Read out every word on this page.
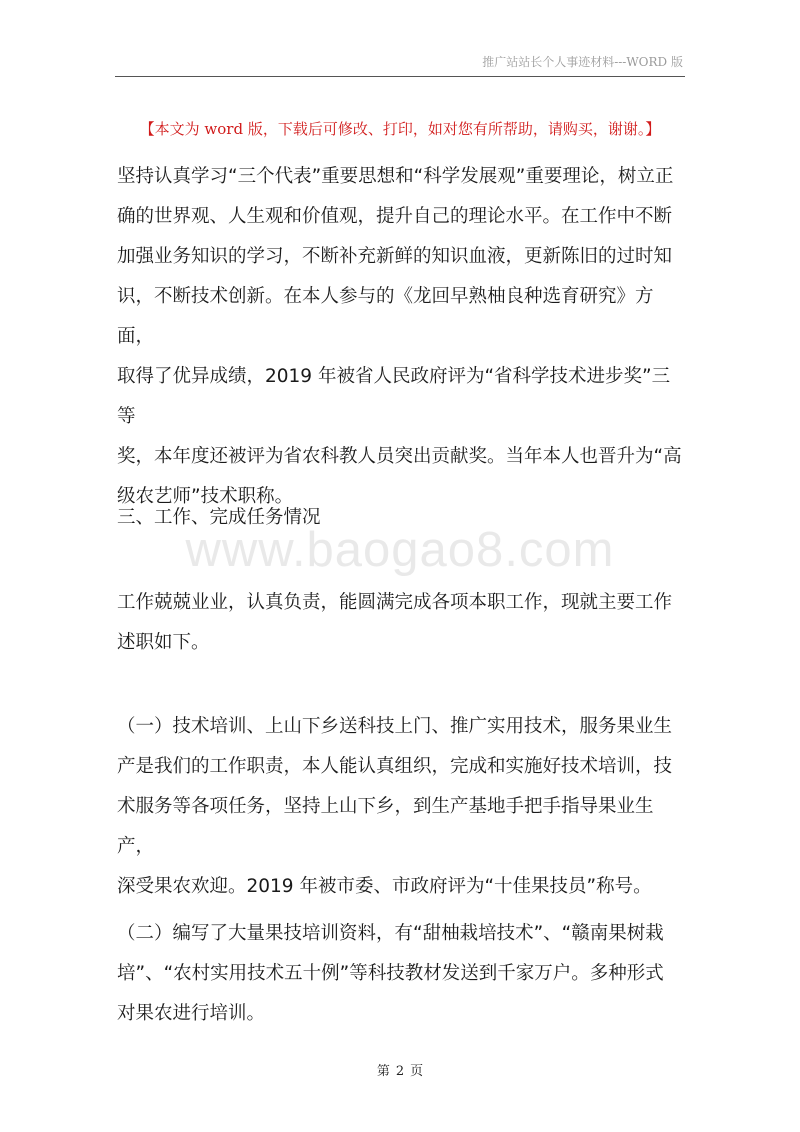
推广站站长个人事迹材料---WORD 版
【本文为 word 版，下载后可修改、打印，如对您有所帮助，请购买，谢谢。】
坚持认真学习“三个代表”重要思想和“科学发展观”重要理论，树立正
确的世界观、人生观和价值观，提升自己的理论水平。在工作中不断
加强业务知识的学习，不断补充新鲜的知识血液，更新陈旧的过时知
识，不断技术创新。在本人参与的《龙回早熟柚良种选育研究》方面，
取得了优异成绩，2019 年被省人民政府评为“省科学技术进步奖”三等
奖，本年度还被评为省农科教人员突出贡献奖。当年本人也晋升为“高
级农艺师”技术职称。
三、工作、完成任务情况
www.baogao8.com
工作兢兢业业，认真负责，能圆满完成各项本职工作，现就主要工作
述职如下。
（一）技术培训、上山下乡送科技上门、推广实用技术，服务果业生
产是我们的工作职责，本人能认真组织，完成和实施好技术培训，技
术服务等各项任务，坚持上山下乡，到生产基地手把手指导果业生产，
深受果农欢迎。2019 年被市委、市政府评为“十佳果技员”称号。
（二）编写了大量果技培训资料，有“甜柚栽培技术”、“赣南果树栽
培”、“农村实用技术五十例”等科技教材发送到千家万户。多种形式
对果农进行培训。
第 2 页
